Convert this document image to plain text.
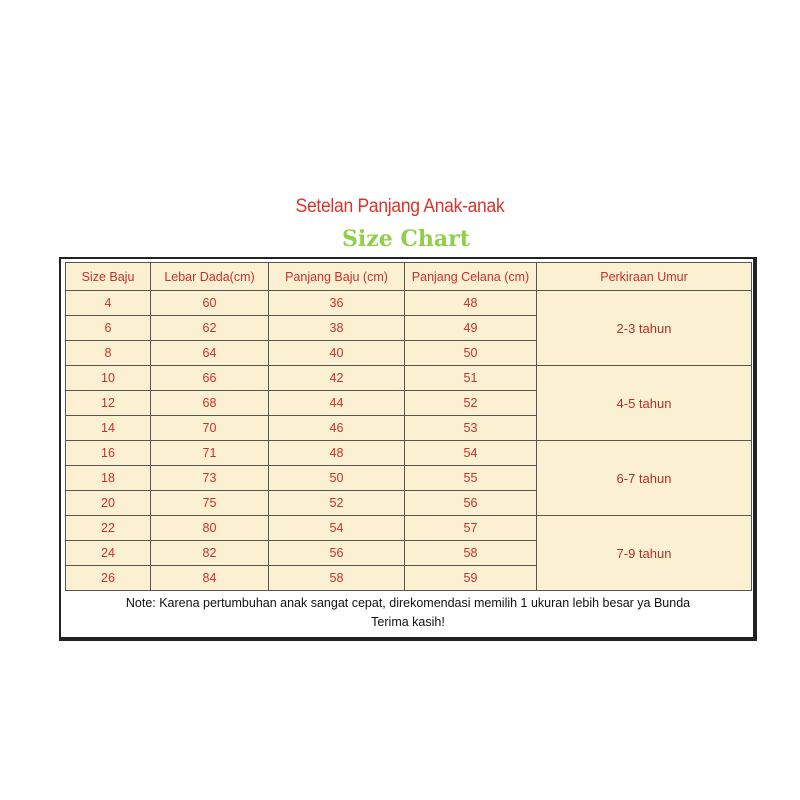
Setelan Panjang Anak-anak
Size Chart
Size Baju	Lebar Dada(cm)	Panjang Baju (cm)	Panjang Celana (cm)	Perkiraan Umur
4	60	36	48	2-3 tahun
6	62	38	49	
8	64	40	50	
10	66	42	51	4-5 tahun
12	68	44	52	
14	70	46	53	
16	71	48	54	6-7 tahun
18	73	50	55	
20	75	52	56	
22	80	54	57	7-9 tahun
24	82	56	58	
26	84	58	59	
Note: Karena pertumbuhan anak sangat cepat, direkomendasi memilih 1 ukuran lebih besar ya Bunda
Terima kasih!
